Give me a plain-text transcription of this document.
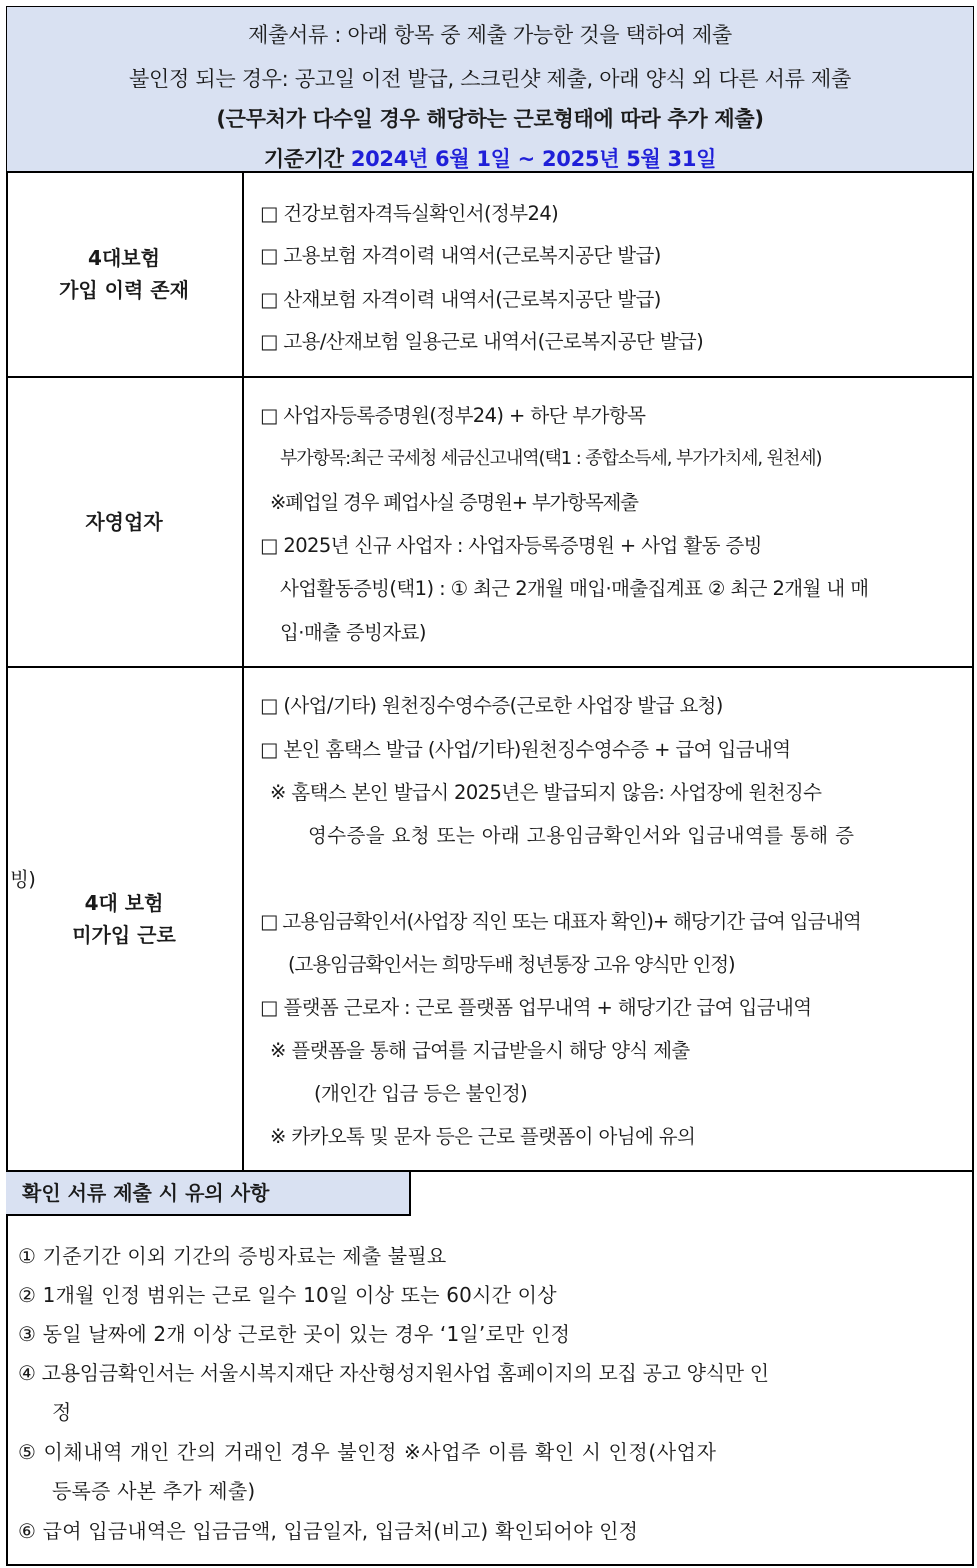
제출서류 : 아래 항목 중 제출 가능한 것을 택하여 제출
불인정 되는 경우: 공고일 이전 발급, 스크린샷 제출, 아래 양식 외 다른 서류 제출
(근무처가 다수일 경우 해당하는 근로형태에 따라 추가 제출)
기준기간 2024년 6월 1일 ~ 2025년 5월 31일
4대보험
가입 이력 존재
□ 건강보험자격득실확인서(정부24)
□ 고용보험 자격이력 내역서(근로복지공단 발급)
□ 산재보험 자격이력 내역서(근로복지공단 발급)
□ 고용/산재보험 일용근로 내역서(근로복지공단 발급)
자영업자
□ 사업자등록증명원(정부24) + 하단 부가항목
부가항목:최근 국세청 세금신고내역(택1 : 종합소득세, 부가가치세, 원천세)
※폐업일 경우 폐업사실 증명원+ 부가항목제출
□ 2025년 신규 사업자 : 사업자등록증명원 + 사업 활동 증빙
사업활동증빙(택1) : ① 최근 2개월 매입·매출집계표 ② 최근 2개월 내 매
입·매출 증빙자료)
4대 보험
미가입 근로
□ (사업/기타) 원천징수영수증(근로한 사업장 발급 요청)
□ 본인 홈택스 발급 (사업/기타)원천징수영수증 + 급여 입금내역
※ 홈택스 본인 발급시 2025년은 발급되지 않음: 사업장에 원천징수
영수증을 요청 또는 아래 고용임금확인서와 입금내역를 통해 증
빙)
□ 고용임금확인서(사업장 직인 또는 대표자 확인)+ 해당기간 급여 입금내역
(고용임금확인서는 희망두배 청년통장 고유 양식만 인정)
□ 플랫폼 근로자 : 근로 플랫폼 업무내역 + 해당기간 급여 입금내역
※ 플랫폼을 통해 급여를 지급받을시 해당 양식 제출
(개인간 입금 등은 불인정)
※ 카카오톡 및 문자 등은 근로 플랫폼이 아님에 유의
확인 서류 제출 시 유의 사항
① 기준기간 이외 기간의 증빙자료는 제출 불필요
② 1개월 인정 범위는 근로 일수 10일 이상 또는 60시간 이상
③ 동일 날짜에 2개 이상 근로한 곳이 있는 경우 ‘1일’로만 인정
④ 고용임금확인서는 서울시복지재단 자산형성지원사업 홈페이지의 모집 공고 양식만 인
정
⑤ 이체내역 개인 간의 거래인 경우 불인정 ※사업주 이름 확인 시 인정(사업자
등록증 사본 추가 제출)
⑥ 급여 입금내역은 입금금액, 입금일자, 입금처(비고) 확인되어야 인정
